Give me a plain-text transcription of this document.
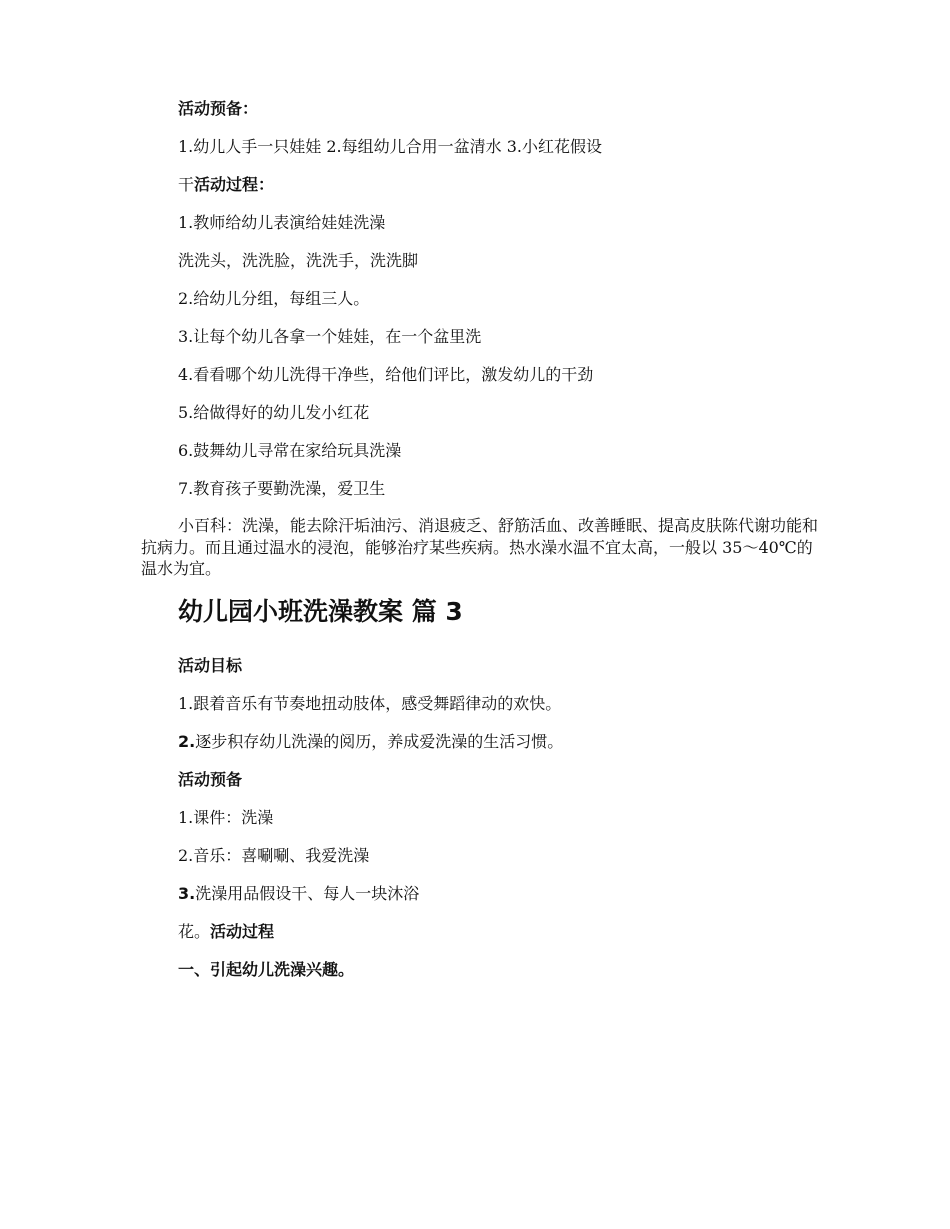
活动预备：
1.幼儿人手一只娃娃 2.每组幼儿合用一盆清水 3.小红花假设
干活动过程：
1.教师给幼儿表演给娃娃洗澡
洗洗头，洗洗脸，洗洗手，洗洗脚
2.给幼儿分组，每组三人。
3.让每个幼儿各拿一个娃娃，在一个盆里洗
4.看看哪个幼儿洗得干净些，给他们评比，激发幼儿的干劲
5.给做得好的幼儿发小红花
6.鼓舞幼儿寻常在家给玩具洗澡
7.教育孩子要勤洗澡，爱卫生
小百科：洗澡，能去除汗垢油污、消退疲乏、舒筋活血、改善睡眠、提高皮肤陈代谢功能和抗病力。而且通过温水的浸泡，能够治疗某些疾病。热水澡水温不宜太高，一般以 35～40℃的温水为宜。
幼儿园小班洗澡教案 篇 3
活动目标
1.跟着音乐有节奏地扭动肢体，感受舞蹈律动的欢快。
2.逐步积存幼儿洗澡的阅历，养成爱洗澡的生活习惯。
活动预备
1.课件：洗澡
2.音乐：喜唰唰、我爱洗澡
3.洗澡用品假设干、每人一块沐浴
花。活动过程
一、引起幼儿洗澡兴趣。
